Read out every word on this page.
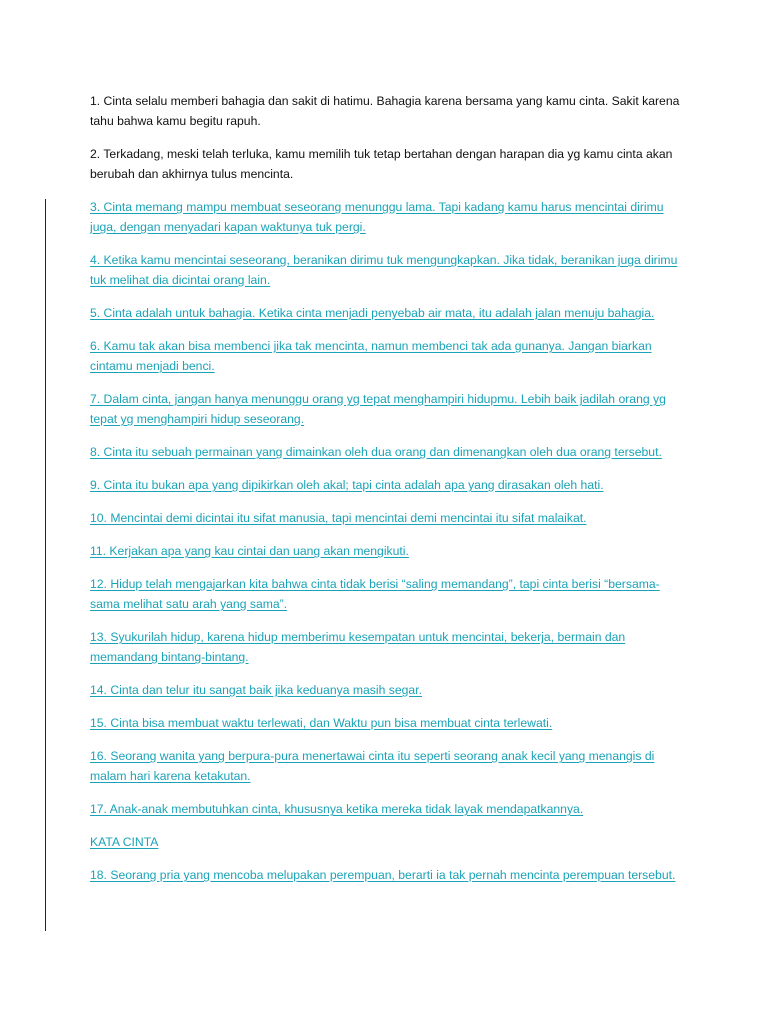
1. Cinta selalu memberi bahagia dan sakit di hatimu. Bahagia karena bersama yang kamu cinta. Sakit karena tahu bahwa kamu begitu rapuh.

2. Terkadang, meski telah terluka, kamu memilih tuk tetap bertahan dengan harapan dia yg kamu cinta akan berubah dan akhirnya tulus mencinta.

3. Cinta memang mampu membuat seseorang menunggu lama. Tapi kadang kamu harus mencintai dirimu juga, dengan menyadari kapan waktunya tuk pergi.

4. Ketika kamu mencintai seseorang, beranikan dirimu tuk mengungkapkan. Jika tidak, beranikan juga dirimu tuk melihat dia dicintai orang lain.

5. Cinta adalah untuk bahagia. Ketika cinta menjadi penyebab air mata, itu adalah jalan menuju bahagia.

6. Kamu tak akan bisa membenci jika tak mencinta, namun membenci tak ada gunanya. Jangan biarkan cintamu menjadi benci.

7. Dalam cinta, jangan hanya menunggu orang yg tepat menghampiri hidupmu. Lebih baik jadilah orang yg tepat yg menghampiri hidup seseorang.

8. Cinta itu sebuah permainan yang dimainkan oleh dua orang dan dimenangkan oleh dua orang tersebut.

9. Cinta itu bukan apa yang dipikirkan oleh akal; tapi cinta adalah apa yang dirasakan oleh hati.

10. Mencintai demi dicintai itu sifat manusia, tapi mencintai demi mencintai itu sifat malaikat.

11. Kerjakan apa yang kau cintai dan uang akan mengikuti.

12. Hidup telah mengajarkan kita bahwa cinta tidak berisi “saling memandang”, tapi cinta berisi “bersama-sama melihat satu arah yang sama”.

13. Syukurilah hidup, karena hidup memberimu kesempatan untuk mencintai, bekerja, bermain dan memandang bintang-bintang.

14. Cinta dan telur itu sangat baik jika keduanya masih segar.

15. Cinta bisa membuat waktu terlewati, dan Waktu pun bisa membuat cinta terlewati.

16. Seorang wanita yang berpura-pura menertawai cinta itu seperti seorang anak kecil yang menangis di malam hari karena ketakutan.

17. Anak-anak membutuhkan cinta, khususnya ketika mereka tidak layak mendapatkannya.

KATA CINTA

18. Seorang pria yang mencoba melupakan perempuan, berarti ia tak pernah mencinta perempuan tersebut.
